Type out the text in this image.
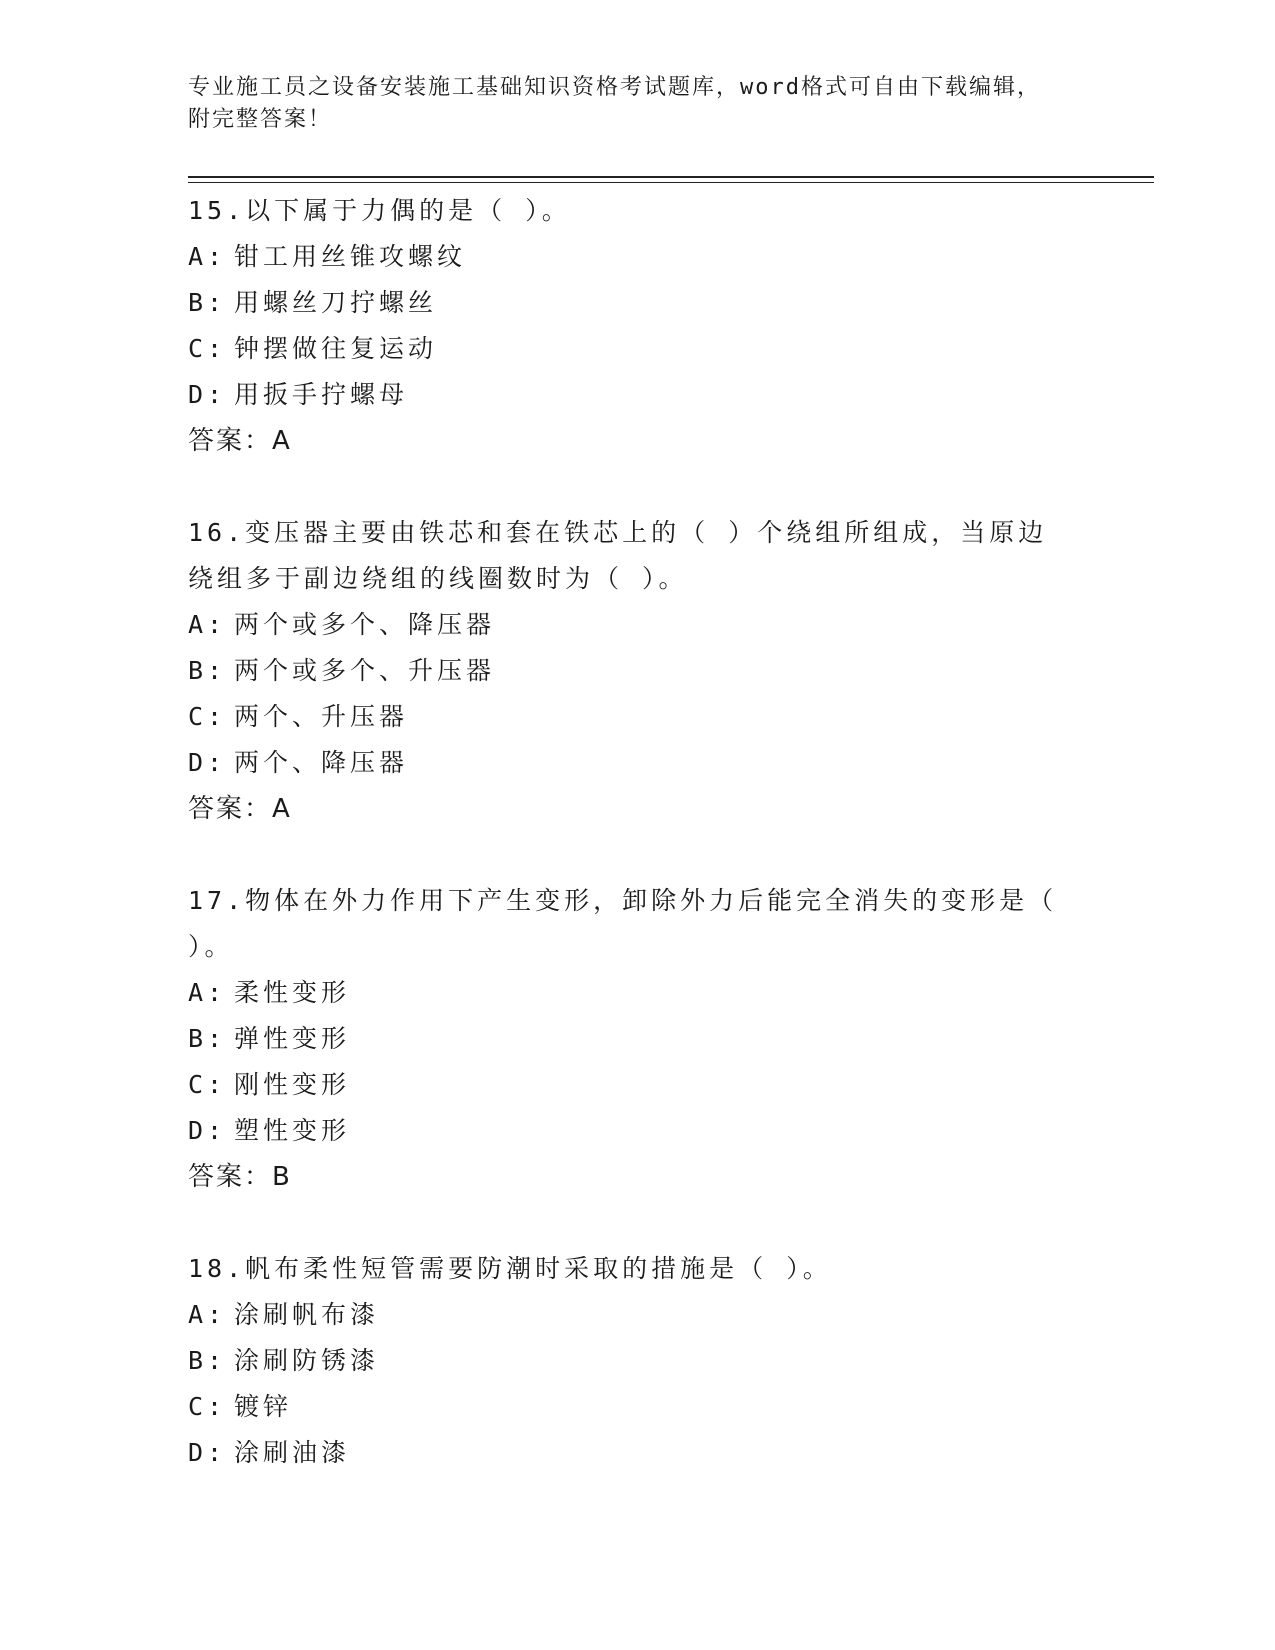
专业施工员之设备安装施工基础知识资格考试题库，word格式可自由下载编辑，
附完整答案！
15.以下属于力偶的是（ ）。
A: 钳工用丝锥攻螺纹
B: 用螺丝刀拧螺丝
C: 钟摆做往复运动
D: 用扳手拧螺母
答案：A
16.变压器主要由铁芯和套在铁芯上的（ ）个绕组所组成，当原边绕组多于副边绕组的线圈数时为（ ）。
A: 两个或多个、降压器
B: 两个或多个、升压器
C: 两个、升压器
D: 两个、降压器
答案：A
17.物体在外力作用下产生变形，卸除外力后能完全消失的变形是（ ）。
A: 柔性变形
B: 弹性变形
C: 刚性变形
D: 塑性变形
答案：B
18.帆布柔性短管需要防潮时采取的措施是（ ）。
A: 涂刷帆布漆
B: 涂刷防锈漆
C: 镀锌
D: 涂刷油漆
